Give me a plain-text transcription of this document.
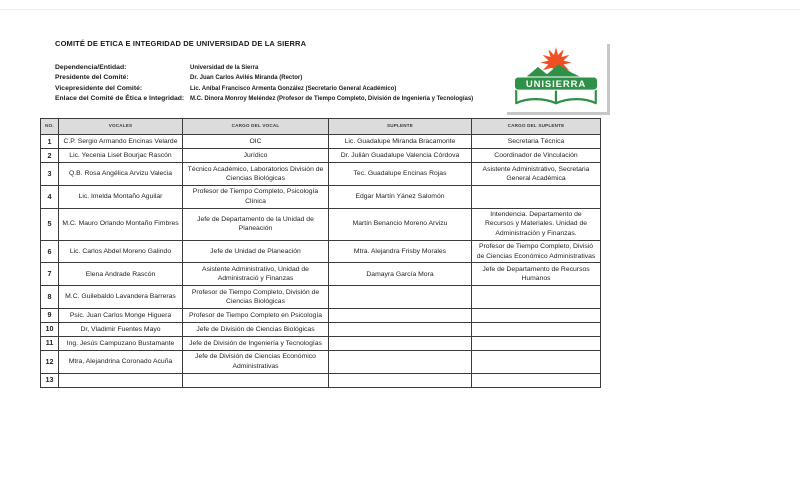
COMITÉ DE ETICA E INTEGRIDAD DE UNIVERSIDAD DE LA SIERRA
Dependencia/Entidad:	Universidad de la Sierra
Presidente del Comité:	Dr. Juan Carlos Avilés Miranda (Rector)
Vicepresidente del Comité:	Lic. Aníbal Francisco Armenta González (Secretario General Académico)
Enlace del Comité de Ética e Integridad: M.C. Dinora Monroy Meléndez (Profesor de Tiempo Completo, División de Ingeniería y Tecnologías)
UNISIERRA
NO.	VOCALES	CARGO DEL VOCAL	SUPLENTE	CARGO DEL SUPLENTE
1	C.P. Sergio Armando Encinas Velarde	OIC	Lic. Guadalupe Miranda Bracamonte	Secretaria Técnica
2	Lic. Yecenia Liset Bourjac Rascón	Jurídico	Dr. Julián Guadalupe Valencia Córdova	Coordinador de Vinculación
3	Q.B. Rosa Angélica Arvizu Valecia	Técnico Académico, Laboratorios División de Ciencias Biológicas	Tec. Guadalupe Encinas Rojas	Asistente Administrativo, Secretaria General Académica
4	Lic. Imelda Montaño Aguilar	Profesor de Tiempo Completo, Psicología Clínica	Edgar Martín Yánez Salomón	
5	M.C. Mauro Orlando Montaño Fimbres	Jefe de Departamento de la Unidad de Planeación	Martín Benancio Moreno Arvizu	Intendencia. Departamento de Recursos y Materiales. Unidad de Administración y Finanzas.
6	Lic. Carlos Abdel Moreno Galindo	Jefe de Unidad de Planeación	Mtra. Alejandra Frisby Morales	Profesor de Tiempo Completo, Divisió de Ciencias Económico Administrativas
7	Elena Andrade Rascón	Asistente Administrativo, Unidad de Administració y Finanzas	Damayra García Mora	Jefe de Departamento de Recursos Humanos
8	M.C. Guilebaldo Lavandera Barreras	Profesor de Tiempo Completo, División de Ciencias Biológicas		
9	Psic. Juan Carlos Monge Higuera	Profesor de Tiempo Completo en Psicología		
10	Dr, Vladimir Fuentes Mayo	Jefe de División de Ciencias Biológicas		
11	Ing. Jesús Campuzano Bustamante	Jefe de División de Ingeniería y Tecnologías		
12	Mtra, Alejandrina Coronado Acuña	Jefe de División de Ciencias Económico Administrativas		
13				
